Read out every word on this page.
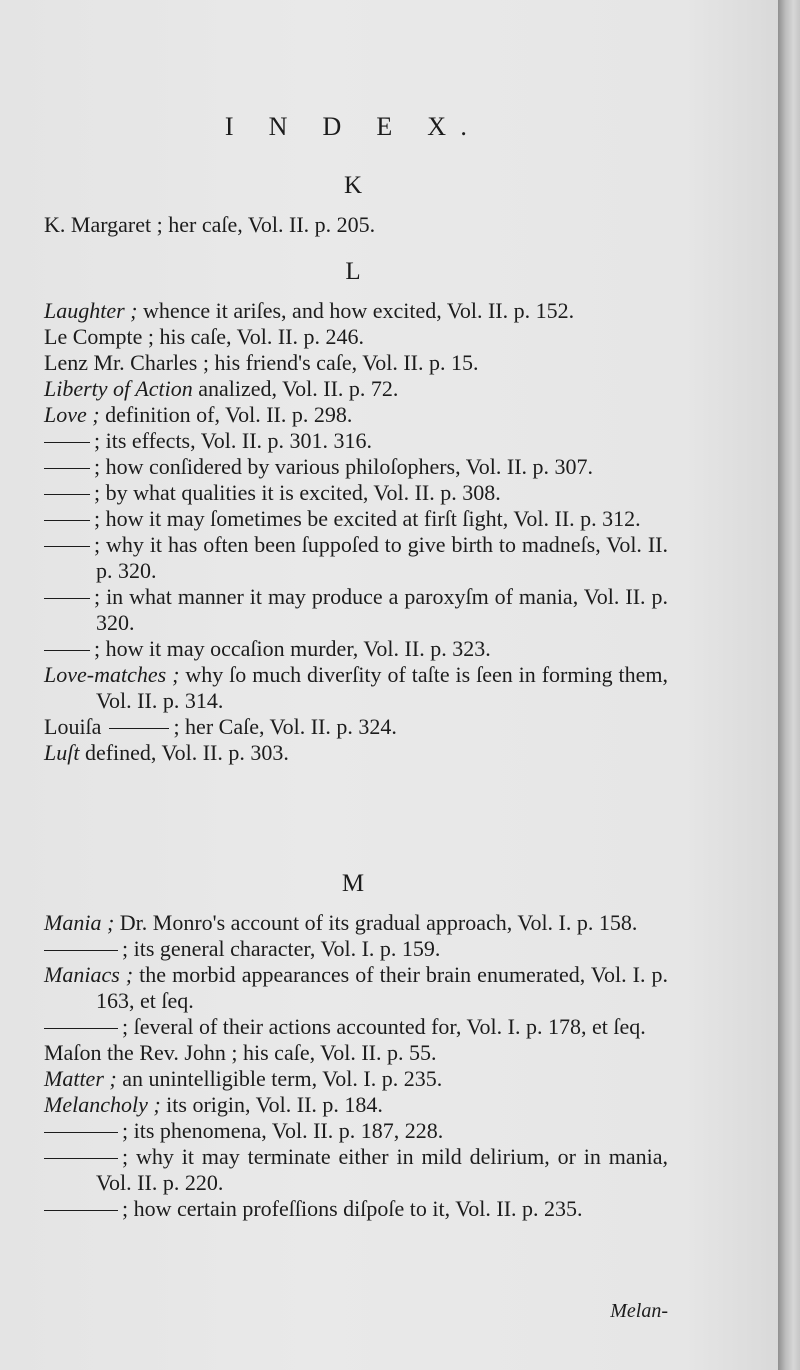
I N D E X.
K

K. Margaret ; her caſe, Vol. II. p. 205.

L

Laughter ; whence it ariſes, and how excited, Vol. II. p. 152.

Le Compte ; his caſe, Vol. II. p. 246.

Lenz Mr. Charles ; his friend's caſe, Vol. II. p. 15.

Liberty of Action analized, Vol. II. p. 72.

Love ; definition of, Vol. II. p. 298.

; its effects, Vol. II. p. 301. 316.

; how conſidered by various philoſophers, Vol. II. p. 307.

; by what qualities it is excited, Vol. II. p. 308.

; how it may ſometimes be excited at firſt ſight, Vol. II. p. 312.

; why it has often been ſuppoſed to give birth to madneſs, Vol. II. p. 320.

; in what manner it may produce a paroxyſm of mania, Vol. II. p. 320.

; how it may occaſion murder, Vol. II. p. 323.

Love-matches ; why ſo much diverſity of taſte is ſeen in forming them, Vol. II. p. 314.

Louiſa	; her Caſe, Vol. II. p. 324.

Luſt defined, Vol. II. p. 303.

M

Mania ; Dr. Monro's account of its gradual approach, Vol. I. p. 158.

; its general character, Vol. I. p. 159.

Maniacs ; the morbid appearances of their brain enumerated, Vol. I. p. 163, et ſeq.

; ſeveral of their actions accounted for, Vol. I. p. 178, et ſeq.

Maſon the Rev. John ; his caſe, Vol. II. p. 55.

Matter ; an unintelligible term, Vol. I. p. 235.

Melancholy ; its origin, Vol. II. p. 184.

; its phenomena, Vol. II. p. 187, 228.

; why it may terminate either in mild delirium, or in mania, Vol. II. p. 220.

; how certain profeſſions diſpoſe to it, Vol. II. p. 235.

Melan-
